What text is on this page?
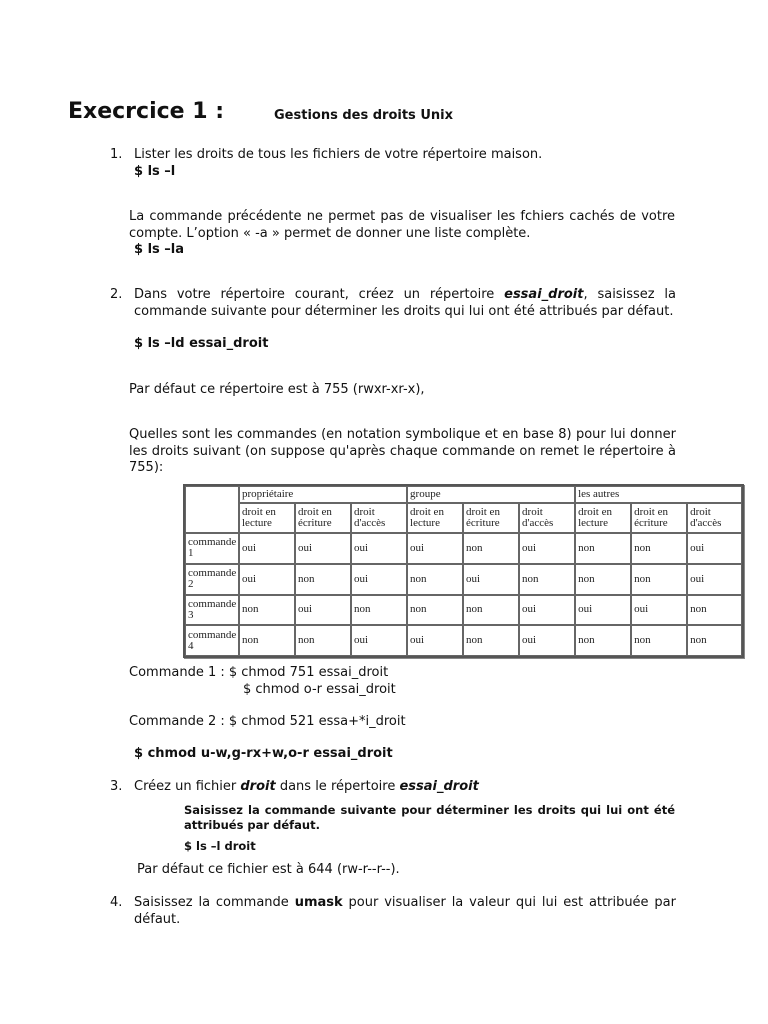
Execrcice 1 :	Gestions des droits Unix
1. Lister les droits de tous les fichiers de votre répertoire maison.
$ ls –l
La commande précédente ne permet pas de visualiser les fchiers cachés de votre compte. L’option « -a » permet de donner une liste complète.
$ ls –la
2. Dans votre répertoire courant, créez un répertoire essai_droit, saisissez la commande suivante pour déterminer les droits qui lui ont été attribués par défaut.
$ ls –ld essai_droit
Par défaut ce répertoire est à 755 (rwxr-xr-x),
Quelles sont les commandes (en notation symbolique et en base 8) pour lui donner les droits suivant (on suppose qu'après chaque commande on remet le répertoire à 755):
	propriétaire			groupe			les autres		
	droit en lecture	droit en écriture	droit d'accès	droit en lecture	droit en écriture	droit d'accès	droit en lecture	droit en écriture	droit d'accès
commande 1	oui	oui	oui	oui	non	oui	non	non	oui
commande 2	oui	non	oui	non	oui	non	non	non	oui
commande 3	non	oui	non	non	non	oui	oui	oui	non
commande 4	non	non	oui	oui	non	oui	non	non	non
Commande 1 : $ chmod 751 essai_droit
$ chmod o-r essai_droit
Commande 2 : $ chmod 521 essa+*i_droit
$ chmod u-w,g-rx+w,o-r essai_droit
3. Créez un fichier droit dans le répertoire essai_droit
Saisissez la commande suivante pour déterminer les droits qui lui ont été attribués par défaut.
$ ls –l droit
Par défaut ce fichier est à 644 (rw-r--r--).
4. Saisissez la commande umask pour visualiser la valeur qui lui est attribuée par défaut.
